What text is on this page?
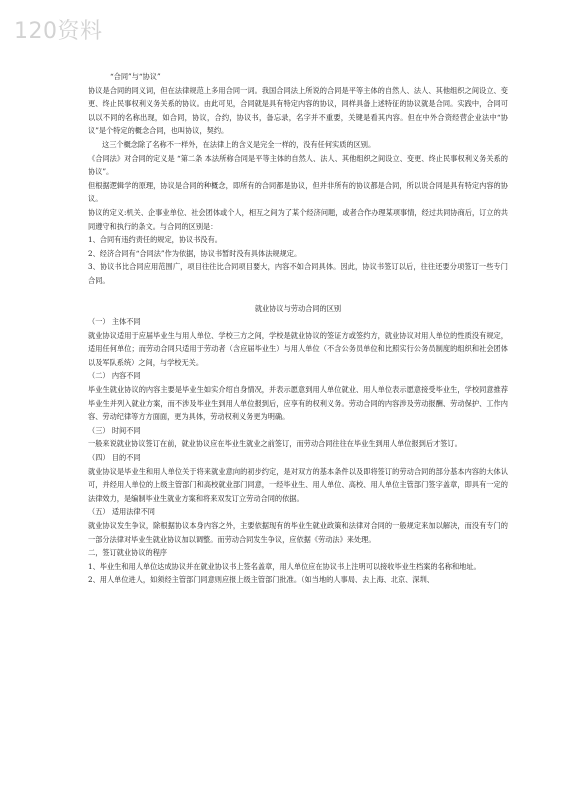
120资料

“合同”与“协议”

协议是合同的同义词，但在法律规范上多用合同一词。我国合同法上所说的合同是平等主体的自然人、法人、其他组织之间设立、变更、终止民事权利义务关系的协议。由此可见，合同就是具有特定内容的协议，同样具备上述特征的协议就是合同。实践中，合同可以以不同的名称出现，如合同，协议，合约，协议书，备忘录，名字并不重要，关键是看其内容。但在中外合资经营企业法中“协议”是个特定的概念合同，也叫协议，契约。

这三个概念除了名称不一样外，在法律上的含义是完全一样的，没有任何实质的区别。

《合同法》对合同的定义是 “第二条 本法所称合同是平等主体的自然人、法人、其他组织之间设立、变更、终止民事权利义务关系的协议”。

但根据逻辑学的原理，协议是合同的种概念，即所有的合同都是协议，但并非所有的协议都是合同，所以说合同是具有特定内容的协议。

协议的定义:机关、企事业单位、社会团体或个人，相互之间为了某个经济问题，或者合作办理某项事情，经过共同协商后，订立的共同遵守和执行的条文。与合同的区别是：

1、合同有违约责任的规定，协议书没有。

2、经济合同有“合同法”作为依据，协议书暂时没有具体法规规定。

3、协议书比合同应用范围广，项目往往比合同项目要大，内容不如合同具体。因此，协议书签订以后，往往还要分项签订一些专门合同。

就业协议与劳动合同的区别

（一） 主体不同

就业协议适用于应届毕业生与用人单位、学校三方之间，学校是就业协议的签证方或签约方，就业协议对用人单位的性质没有规定，适用任何单位；而劳动合同只适用于劳动者（含应届毕业生）与用人单位（不含公务员单位和比照实行公务员制度的组织和社会团体以及军队系统）之间，与学校无关。

（二） 内容不同

毕业生就业协议的内容主要是毕业生如实介绍自身情况，并表示愿意到用人单位就业、用人单位表示愿意接受毕业生，学校同意推荐毕业生并列入就业方案，而不涉及毕业生到用人单位报到后，应享有的权利义务。劳动合同的内容涉及劳动报酬、劳动保护、工作内容、劳动纪律等方方面面，更为具体，劳动权利义务更为明确。

（三） 时间不同

一般来说就业协议签订在前，就业协议应在毕业生就业之前签订，而劳动合同往往在毕业生到用人单位报到后才签订。

（四） 目的不同

就业协议是毕业生和用人单位关于将来就业意向的初步约定，是对双方的基本条件以及即将签订的劳动合同的部分基本内容的大体认可，并经用人单位的上级主管部门和高校就业部门同意，一经毕业生、用人单位、高校、用人单位主管部门签字盖章，即具有一定的法律效力，是编制毕业生就业方案和将来双发订立劳动合同的依据。

（五） 适用法律不同

就业协议发生争议，除根据协议本身内容之外，主要依据现有的毕业生就业政策和法律对合同的一般规定来加以解决，而没有专门的一部分法律对毕业生就业协议加以调整。而劳动合同发生争议，应依据《劳动法》来处理。

二，签订就业协议的程序

1、毕业生和用人单位达成协议并在就业协议书上签名盖章，用人单位应在协议书上注明可以接收毕业生档案的名称和地址。

2、用人单位进人，如须经主管部门同意则应报上级主管部门批准。（如当地的人事局、去上海、北京、深圳、
